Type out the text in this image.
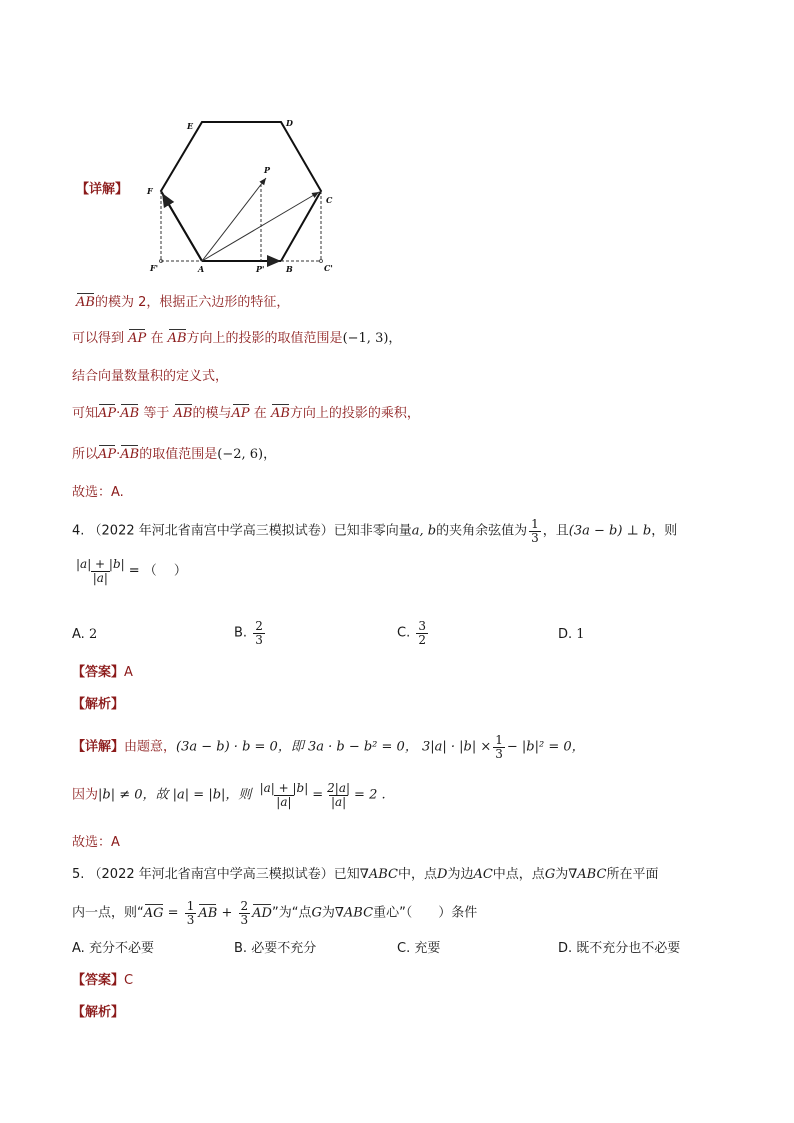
【详解】
E	D
F
C
P
A	B
F'	P'	C'
AB的模为 2，根据正六边形的特征，
可以得到 AP 在 AB方向上的投影的取值范围是(−1, 3)，
结合向量数量积的定义式，
可知AP·AB 等于 AB的模与AP 在 AB方向上的投影的乘积，
所以AP·AB的取值范围是(−2, 6)，
故选：A.
4. （2022 年河北省南宫中学高三模拟试卷）已知非零向量a, b的夹角余弦值为 $\frac{1}{3}$ ，且(3a − b) ⊥ b，则
$\frac{|a| + |b|}{|a|}$ = （　 ）
A. 2	B. $\frac{2}{3}$	C. $\frac{3}{2}$	D. 1
【答案】A
【解析】
【详解】由题意，(3a − b) · b = 0，即 3a · b − b² = 0， $3|a| \cdot |b| \times \frac{1}{3} - |b|^2 = 0$，
因为|b| ≠ 0，故 |a| = |b|，则 $\frac{|a| + |b|}{|a|} = \frac{2|a|}{|a|} = 2$ .
故选：A
5. （2022 年河北省南宫中学高三模拟试卷）已知∇ABC中，点D为边AC中点，点G为∇ABC所在平面
内一点，则“AG = $\frac{1}{3}$ AB + $\frac{2}{3}$ AD”为“点G为∇ABC重心”（　　）条件
A. 充分不必要	B. 必要不充分	C. 充要	D. 既不充分也不必要
【答案】C
【解析】
